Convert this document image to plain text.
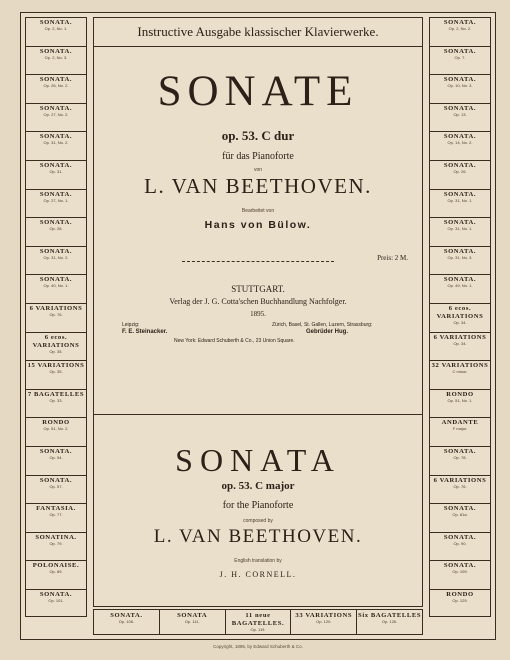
SONATA.
Op. 2, No. 1.
SONATA.
Op. 2, No. 3.
SONATA.
Op. 26, No. 2.
SONATA.
Op. 27, No. 2.
SONATA.
Op. 31, No. 2.
SONATA.
Op. 31.
SONATA.
Op. 27, No. 1.
SONATA.
Op. 28.
SONATA.
Op. 31, No. 2.
SONATA.
Op. 40, No. 1.
6 VARIATIONS
Op. 76.
6 ecos. VARIATIONS
Op. 35.
15 VARIATIONS
Op. 35.
7 BAGATELLES
Op. 33.
RONDO
Op. 51, No. 2.
SONATA.
Op. 54.
SONATA.
Op. 57.
FANTASIA.
Op. 77.
SONATINA.
Op. 79.
POLONAISE.
Op. 89.
SONATA.
Op. 101.
SONATA.
Op. 2, No. 2.
SONATA.
Op. 7.
SONATA.
Op. 10, No. 3.
SONATA.
Op. 13.
SONATA.
Op. 14, No. 2.
SONATA.
Op. 26.
SONATA.
Op. 31, No. 1.
SONATA.
Op. 31, No. 1.
SONATA.
Op. 31, No. 3.
SONATA.
Op. 49, No. 1.
6 ecos. VARIATIONS
Op. 34.
6 VARIATIONS
Op. 34.
32 VARIATIONS
C minor.
RONDO
Op. 51, No. 1.
ANDANTE
F major.
SONATA.
Op. 78.
6 VARIATIONS
Op. 76.
SONATA.
Op. 81a.
SONATA.
Op. 90.
SONATA.
Op. 109.
RONDO
Op. 129.
Instructive Ausgabe klassischer Klavierwerke.
SONATE
op. 53. C dur
für das Pianoforte
von
L. VAN BEETHOVEN.
Bearbeitet von
Hans von Bülow.
Preis: 2 M.
STUTTGART.
Verlag der J. G. Cotta'schen Buchhandlung Nachfolger.
1895.
Leipzig:
F. E. Steinacker.
Zürich, Basel, St. Gallen, Luzern, Strassburg:
Gebrüder Hug.
New York: Edward Schuberth & Co., 23 Union Square.
SONATA
op. 53. C major
for the Pianoforte
composed by
L. VAN BEETHOVEN.
English translation by
J. H. CORNELL.
SONATA.
Op. 106.
SONATA
Op. 111.
11 neue BAGATELLES.
Op. 119.
33 VARIATIONS
Op. 120.
Six BAGATELLES
Op. 126.
Copyright, 1895, by Edward Schuberth & Co.
